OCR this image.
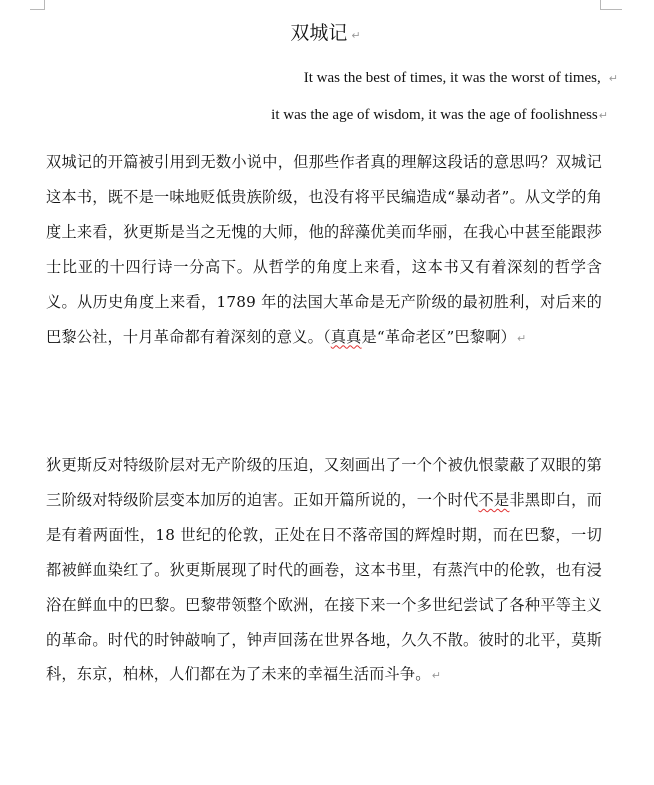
双城记 ↵
It was the best of times, it was the worst of times,  ↵
it was the age of wisdom, it was the age of foolishness↵
双城记的开篇被引用到无数小说中，但那些作者真的理解这段话的意思吗？双城记这本书，既不是一味地贬低贵族阶级，也没有将平民编造成“暴动者”。从文学的角度上来看，狄更斯是当之无愧的大师，他的辞藻优美而华丽，在我心中甚至能跟莎士比亚的十四行诗一分高下。从哲学的角度上来看，这本书又有着深刻的哲学含义。从历史角度上来看，1789 年的法国大革命是无产阶级的最初胜利，对后来的巴黎公社，十月革命都有着深刻的意义。（真真是“革命老区”巴黎啊）↵
狄更斯反对特级阶层对无产阶级的压迫，又刻画出了一个个被仇恨蒙蔽了双眼的第三阶级对特级阶层变本加厉的迫害。正如开篇所说的，一个时代不是非黑即白，而是有着两面性，18 世纪的伦敦，正处在日不落帝国的辉煌时期，而在巴黎，一切都被鲜血染红了。狄更斯展现了时代的画卷，这本书里，有蒸汽中的伦敦，也有浸浴在鲜血中的巴黎。巴黎带领整个欧洲，在接下来一个多世纪尝试了各种平等主义的革命。时代的时钟敲响了，钟声回荡在世界各地，久久不散。彼时的北平，莫斯科，东京，柏林，人们都在为了未来的幸福生活而斗争。↵
